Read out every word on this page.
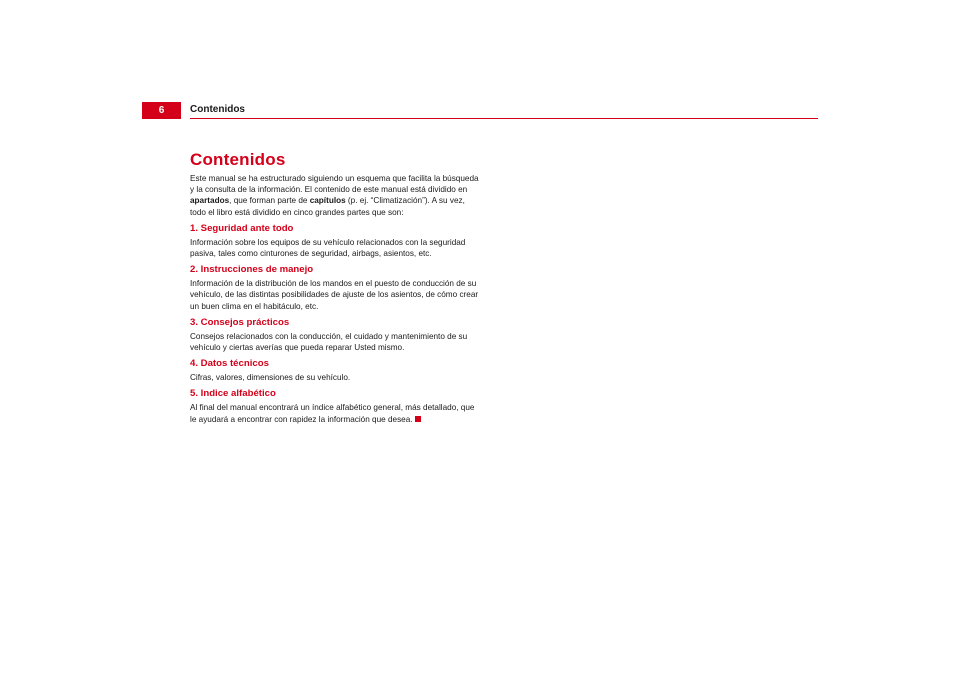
6	Contenidos
Contenidos

Este manual se ha estructurado siguiendo un esquema que facilita la búsqueda y la consulta de la información. El contenido de este manual está dividido en apartados, que forman parte de capítulos (p. ej. “Climatización”). A su vez, todo el libro está dividido en cinco grandes partes que son:

1. Seguridad ante todo

Información sobre los equipos de su vehículo relacionados con la seguridad pasiva, tales como cinturones de seguridad, airbags, asientos, etc.

2. Instrucciones de manejo

Información de la distribución de los mandos en el puesto de conducción de su vehículo, de las distintas posibilidades de ajuste de los asientos, de cómo crear un buen clima en el habitáculo, etc.

3. Consejos prácticos

Consejos relacionados con la conducción, el cuidado y mantenimiento de su vehículo y ciertas averías que pueda reparar Usted mismo.

4. Datos técnicos

Cifras, valores, dimensiones de su vehículo.

5. Indice alfabético

Al final del manual encontrará un índice alfabético general, más detallado, que le ayudará a encontrar con rapidez la información que desea.
